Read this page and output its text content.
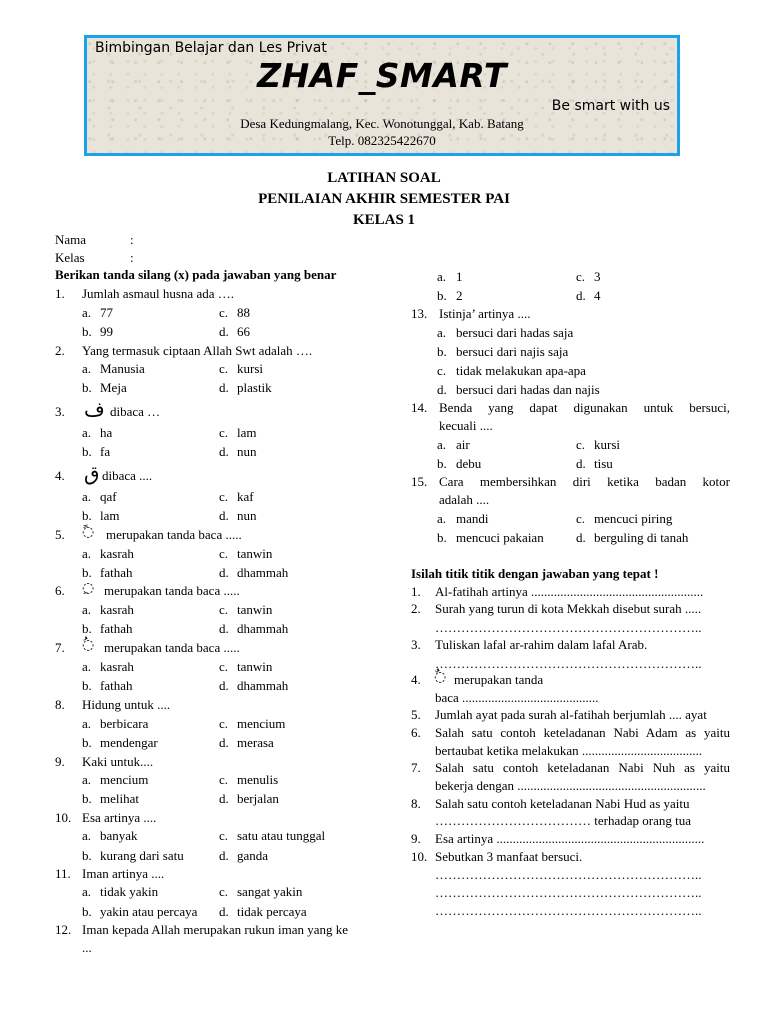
Bimbingan Belajar dan Les Privat
ZHAF_SMART
Be smart with us
Desa Kedungmalang, Kec. Wonotunggal, Kab. Batang
Telp. 082325422670
LATIHAN SOAL
PENILAIAN AKHIR SEMESTER PAI
KELAS 1
Nama	:
Kelas	:
Berikan tanda silang (x) pada jawaban yang benar
1. Jumlah asmaul husna ada ….
a. 77	c. 88
b. 99	d. 66
2. Yang termasuk ciptaan Allah Swt adalah ….
a. Manusia	c. kursi
b. Meja	d. plastik
3. ف dibaca …
a. ha	c. lam
b. fa	d. nun
4. ق dibaca ....
a. qaf	c. kaf
b. lam	d. nun
5. ◌ً merupakan tanda baca .....
a. kasrah	c. tanwin
b. fathah	d. dhammah
6. ◌ِ merupakan tanda baca .....
a. kasrah	c. tanwin
b. fathah	d. dhammah
7. ◌ُ merupakan tanda baca .....
a. kasrah	c. tanwin
b. fathah	d. dhammah
8. Hidung untuk ....
a. berbicara	c. mencium
b. mendengar	d. merasa
9. Kaki untuk....
a. mencium	c. menulis
b. melihat	d. berjalan
10. Esa artinya ....
a. banyak	c. satu atau tunggal
b. kurang dari satu	d. ganda
11. Iman artinya ....
a. tidak yakin	c. sangat yakin
b. yakin atau percaya d. tidak percaya
12. Iman kepada Allah merupakan rukun iman yang ke
...
a. 1	c. 3
b. 2	d. 4
13. Istinja’ artinya ....
a. bersuci dari hadas saja
b. bersuci dari najis saja
c. tidak melakukan apa-apa
d. bersuci dari hadas dan najis
14. Benda yang dapat digunakan untuk bersuci,
kecuali ....
a. air	c. kursi
b. debu	d. tisu
15. Cara membersihkan diri ketika badan kotor
adalah ....
a. mandi	c. mencuci piring
b. mencuci pakaian d. berguling di tanah
Isilah titik titik dengan jawaban yang tepat !
1. Al-fatihah artinya .....................................................
2. Surah yang turun di kota Mekkah disebut surah .....
……………………………………………………..
3. Tuliskan lafal ar-rahim dalam lafal Arab.
……………………………………………………..
4. ◌ٌ merupakan tanda
baca ..........................................
5. Jumlah ayat pada surah al-fatihah berjumlah .... ayat
6. Salah satu contoh keteladanan Nabi Adam as yaitu
bertaubat ketika melakukan .....................................
7. Salah satu contoh keteladanan Nabi Nuh as yaitu
bekerja dengan ..........................................................
8. Salah satu contoh keteladanan Nabi Hud as yaitu
……………………………… terhadap orang tua
9. Esa artinya ................................................................
10. Sebutkan 3 manfaat bersuci.
……………………………………………………..
……………………………………………………..
……………………………………………………..
